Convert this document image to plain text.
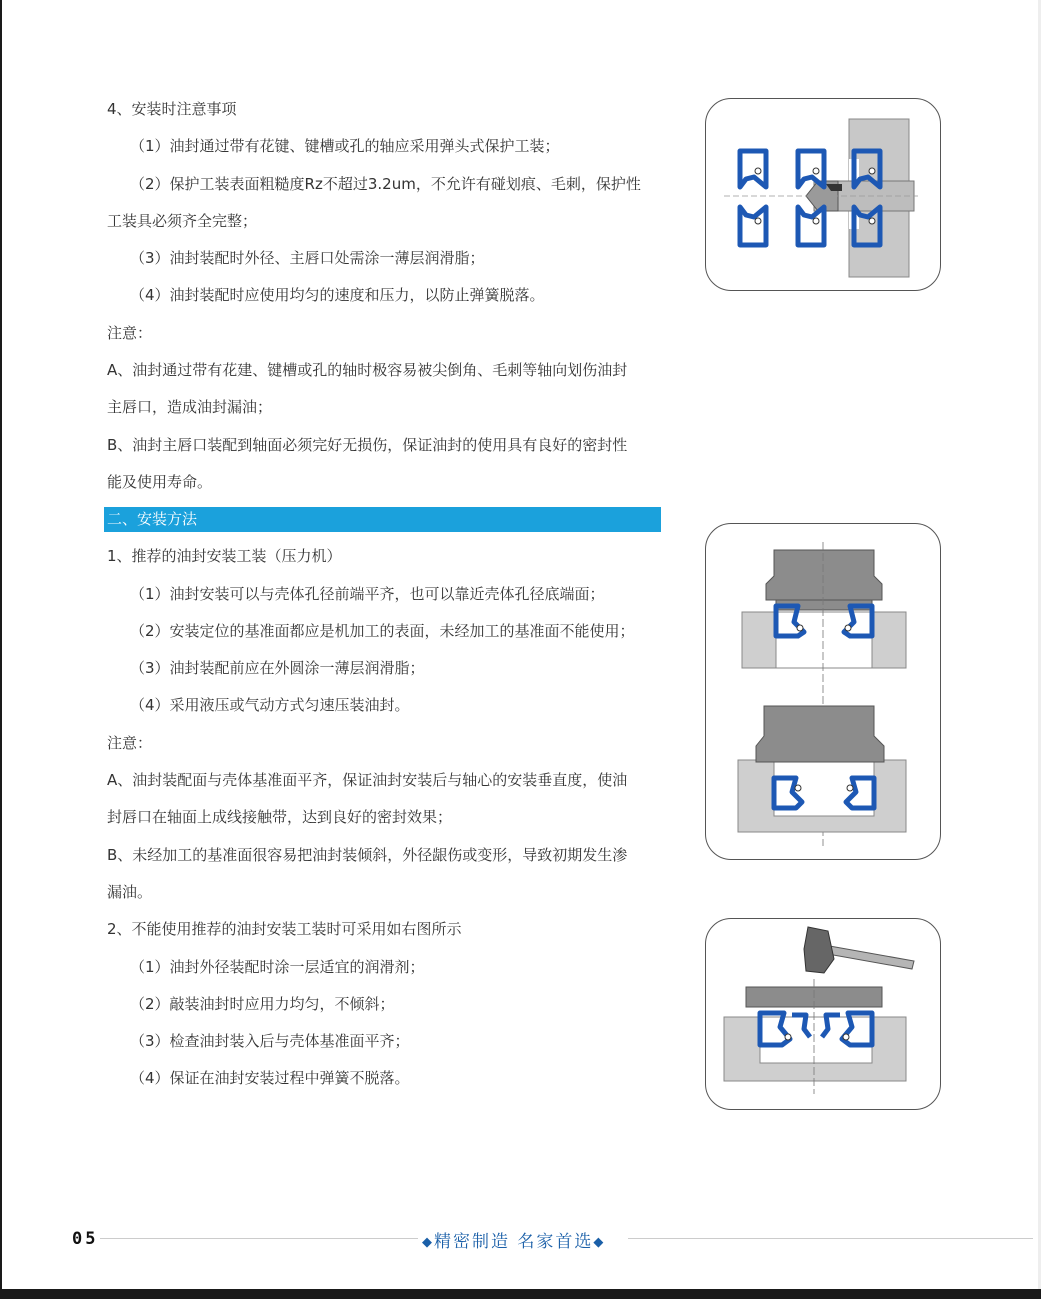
4、安装时注意事项
（1）油封通过带有花键、键槽或孔的轴应采用弹头式保护工装；
（2）保护工装表面粗糙度Rz不超过3.2um，不允许有碰划痕、毛刺，保护性
工装具必须齐全完整；
（3）油封装配时外径、主唇口处需涂一薄层润滑脂；
（4）油封装配时应使用均匀的速度和压力，以防止弹簧脱落。
注意：
A、油封通过带有花建、键槽或孔的轴时极容易被尖倒角、毛刺等轴向划伤油封
主唇口，造成油封漏油；
B、油封主唇口装配到轴面必须完好无损伤，保证油封的使用具有良好的密封性
能及使用寿命。
二、安装方法
1、推荐的油封安装工装（压力机）
（1）油封安装可以与壳体孔径前端平齐，也可以靠近壳体孔径底端面；
（2）安装定位的基准面都应是机加工的表面，未经加工的基准面不能使用；
（3）油封装配前应在外圆涂一薄层润滑脂；
（4）采用液压或气动方式匀速压装油封。
注意：
A、油封装配面与壳体基准面平齐，保证油封安装后与轴心的安装垂直度，使油
封唇口在轴面上成线接触带，达到良好的密封效果；
B、未经加工的基准面很容易把油封装倾斜，外径龈伤或变形，导致初期发生渗
漏油。
2、不能使用推荐的油封安装工装时可采用如右图所示
（1）油封外径装配时涂一层适宜的润滑剂；
（2）敲装油封时应用力均匀，不倾斜；
（3）检查油封装入后与壳体基准面平齐；
（4）保证在油封安装过程中弹簧不脱落。
05	◆精密制造 名家首选◆
